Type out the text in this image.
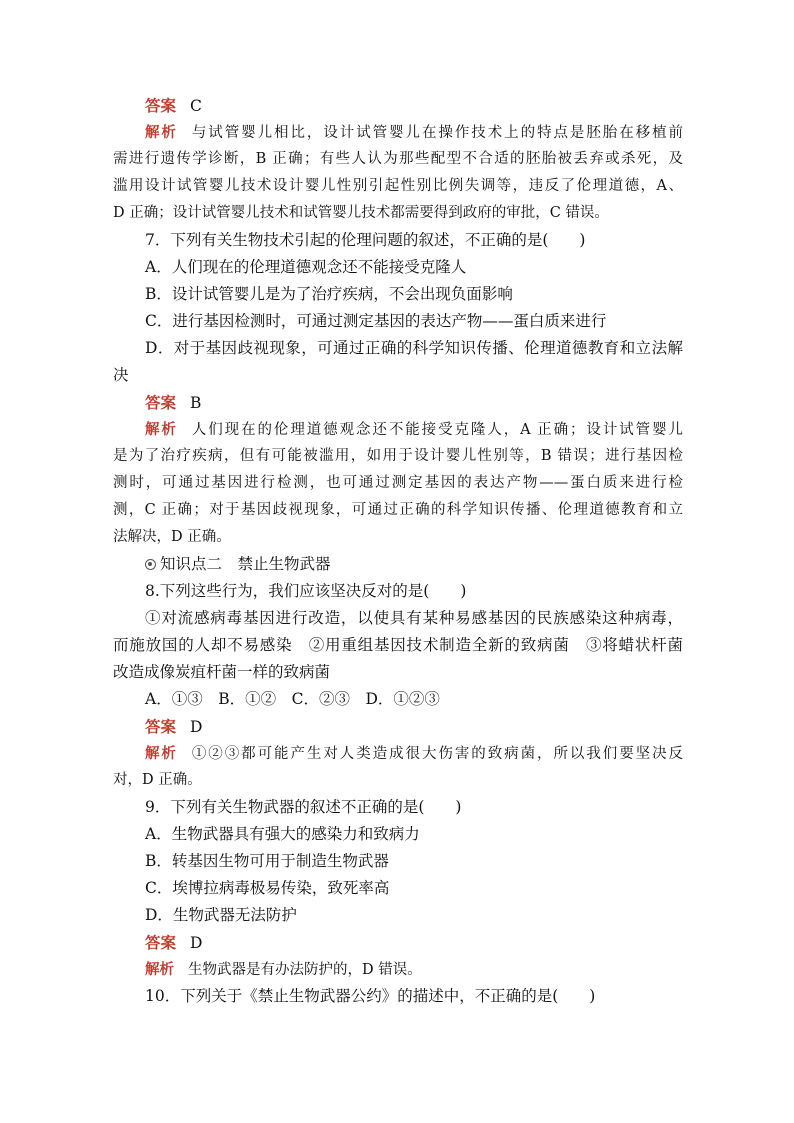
答案 C
解析 与试管婴儿相比，设计试管婴儿在操作技术上的特点是胚胎在移植前
需进行遗传学诊断，B 正确；有些人认为那些配型不合适的胚胎被丢弃或杀死，及
滥用设计试管婴儿技术设计婴儿性别引起性别比例失调等，违反了伦理道德，A、
D 正确；设计试管婴儿技术和试管婴儿技术都需要得到政府的审批，C 错误。
7．下列有关生物技术引起的伦理问题的叙述，不正确的是(　　)
A．人们现在的伦理道德观念还不能接受克隆人
B．设计试管婴儿是为了治疗疾病，不会出现负面影响
C．进行基因检测时，可通过测定基因的表达产物——蛋白质来进行
D．对于基因歧视现象，可通过正确的科学知识传播、伦理道德教育和立法解
决
答案 B
解析 人们现在的伦理道德观念还不能接受克隆人，A 正确；设计试管婴儿
是为了治疗疾病，但有可能被滥用，如用于设计婴儿性别等，B 错误；进行基因检
测时，可通过基因进行检测，也可通过测定基因的表达产物——蛋白质来进行检
测，C 正确；对于基因歧视现象，可通过正确的科学知识传播、伦理道德教育和立
法解决，D 正确。
知识点二　禁止生物武器
8.下列这些行为，我们应该坚决反对的是(　　)
①对流感病毒基因进行改造，以使具有某种易感基因的民族感染这种病毒，
而施放国的人却不易感染　②用重组基因技术制造全新的致病菌　③将蜡状杆菌
改造成像炭疽杆菌一样的致病菌
A．①③　B．①②　C．②③　D．①②③
答案 D
解析 ①②③都可能产生对人类造成很大伤害的致病菌，所以我们要坚决反
对，D 正确。
9．下列有关生物武器的叙述不正确的是(　　)
A．生物武器具有强大的感染力和致病力
B．转基因生物可用于制造生物武器
C．埃博拉病毒极易传染，致死率高
D．生物武器无法防护
答案 D
解析 生物武器是有办法防护的，D 错误。
10．下列关于《禁止生物武器公约》的描述中，不正确的是(　　)
